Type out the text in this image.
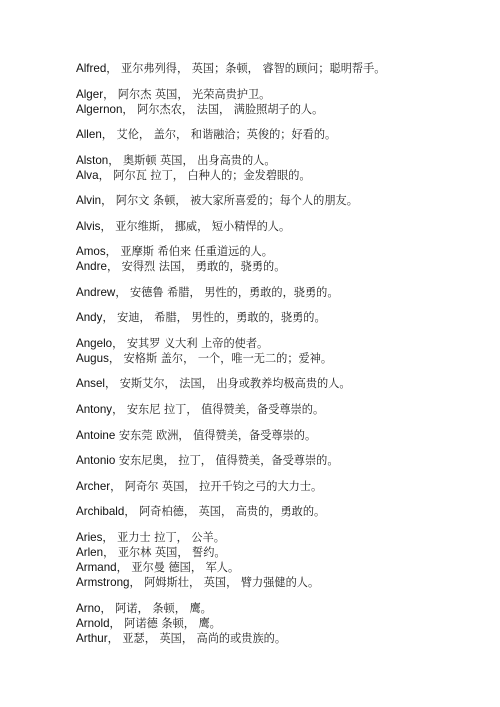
Alfred， 亚尔弗列得， 英国；条顿， 睿智的顾问；聪明帮手。
Alger， 阿尔杰 英国， 光荣高贵护卫。
Algernon， 阿尔杰农， 法国， 满脸照胡子的人。
Allen， 艾伦， 盖尔， 和谐融洽；英俊的；好看的。
Alston， 奥斯顿 英国， 出身高贵的人。
Alva， 阿尔瓦 拉丁， 白种人的；金发碧眼的。
Alvin， 阿尔文 条顿， 被大家所喜爱的；每个人的朋友。
Alvis， 亚尔维斯， 挪威， 短小精悍的人。
Amos， 亚摩斯 希伯来 任重道远的人。
Andre， 安得烈 法国， 勇敢的，骁勇的。
Andrew， 安德鲁 希腊， 男性的，勇敢的，骁勇的。
Andy， 安迪， 希腊， 男性的，勇敢的，骁勇的。
Angelo， 安其罗 义大利 上帝的使者。
Augus， 安格斯 盖尔， 一个，唯一无二的；爱神。
Ansel， 安斯艾尔， 法国， 出身或教养均极高贵的人。
Antony， 安东尼 拉丁， 值得赞美，备受尊崇的。
Antoine 安东莞 欧洲， 值得赞美，备受尊崇的。
Antonio 安东尼奥， 拉丁， 值得赞美，备受尊崇的。
Archer， 阿奇尔 英国， 拉开千钧之弓的大力士。
Archibald， 阿奇柏德， 英国， 高贵的，勇敢的。
Aries， 亚力士 拉丁， 公羊。
Arlen， 亚尔林 英国， 誓约。
Armand， 亚尔曼 德国， 军人。
Armstrong， 阿姆斯壮， 英国， 臂力强健的人。
Arno， 阿诺， 条顿， 鹰。
Arnold， 阿诺德 条顿， 鹰。
Arthur， 亚瑟， 英国， 高尚的或贵族的。
